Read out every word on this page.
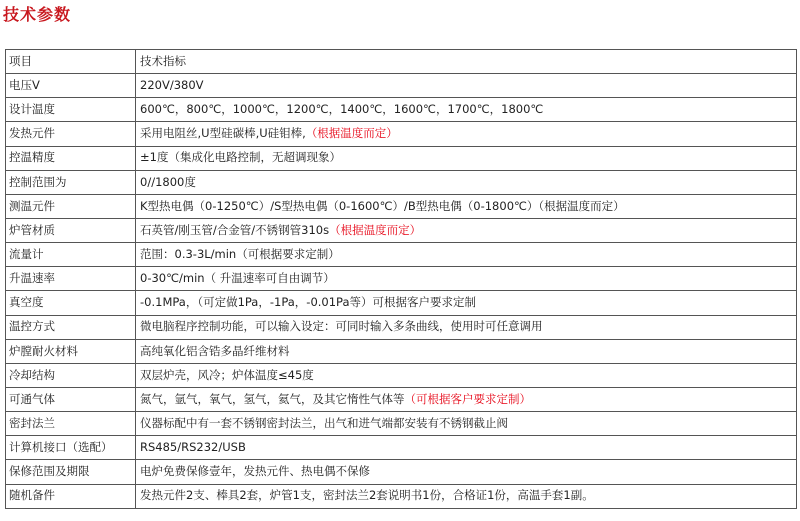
技术参数
项目	技术指标
电压V	220V/380V
设计温度	600℃，800℃，1000℃，1200℃，1400℃，1600℃，1700℃，1800℃
发热元件	采用电阻丝,U型硅碳棒,U硅钼棒,（根据温度而定）
控温精度	±1度（集成化电路控制，无超调现象）
控制范围为	0//1800度
测温元件	K型热电偶（0-1250℃）/S型热电偶（0-1600℃）/B型热电偶（0-1800℃）（根据温度而定）
炉管材质	石英管/刚玉管/合金管/不锈钢管310s（根据温度而定）
流量计	范围：0.3-3L/min（可根据要求定制）
升温速率	0-30℃/min（ 升温速率可自由调节）
真空度	-0.1MPa，（可定做1Pa，-1Pa，-0.01Pa等）可根据客户要求定制
温控方式	微电脑程序控制功能，可以输入设定：可同时输入多条曲线，使用时可任意调用
炉膛耐火材料	高纯氧化铝含锆多晶纤维材料
冷却结构	双层炉壳，风冷；炉体温度≤45度
可通气体	氮气，氩气，氧气，氢气，氦气，及其它惰性气体等（可根据客户要求定制）
密封法兰	仪器标配中有一套不锈钢密封法兰，出气和进气端都安装有不锈钢截止阀
计算机接口（选配）	RS485/RS232/USB
保修范围及期限	电炉免费保修壹年，发热元件、热电偶不保修
随机备件	发热元件2支、棒具2套，炉管1支，密封法兰2套说明书1份，合格证1份，高温手套1副。
